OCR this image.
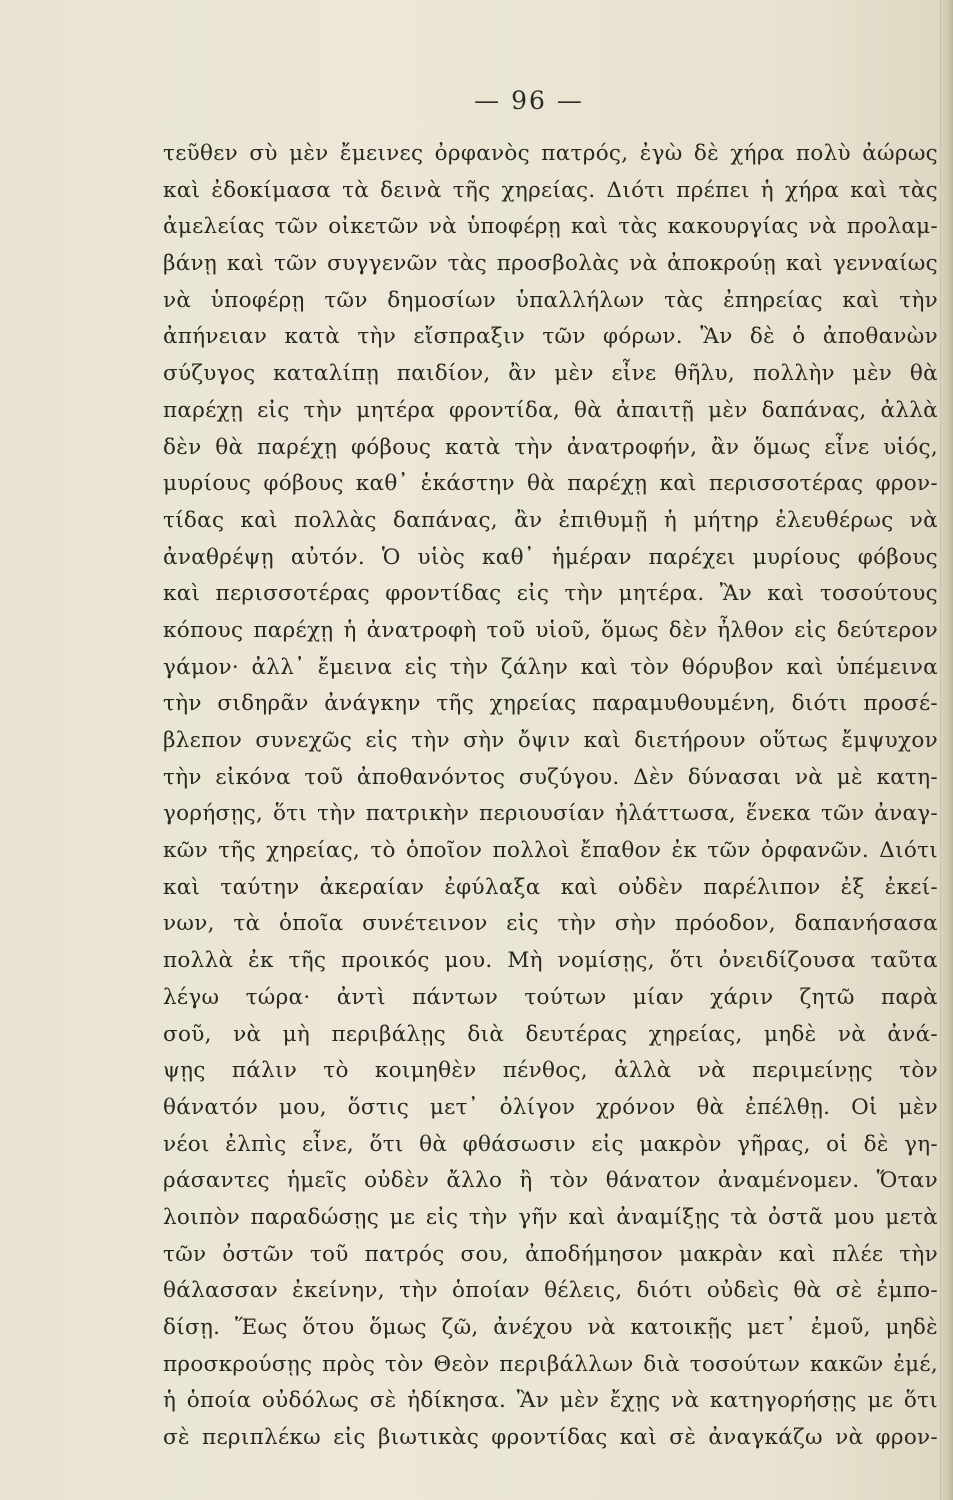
— 96 —
τεῦθεν σὺ μὲν ἔμεινες ὀρφανὸς πατρός, ἐγὼ δὲ χήρα πολὺ ἀώρως
καὶ ἐδοκίμασα τὰ δεινὰ τῆς χηρείας. Διότι πρέπει ἡ χήρα καὶ τὰς
ἀμελείας τῶν οἰκετῶν νὰ ὑποφέρῃ καὶ τὰς κακουργίας νὰ προλαμ-
βάνῃ καὶ τῶν συγγενῶν τὰς προσβολὰς νὰ ἀποκρούῃ καὶ γενναίως
νὰ ὑποφέρῃ τῶν δημοσίων ὑπαλλήλων τὰς ἐπηρείας καὶ τὴν
ἀπήνειαν κατὰ τὴν εἴσπραξιν τῶν φόρων. Ἂν δὲ ὁ ἀποθανὼν
σύζυγος καταλίπῃ παιδίον, ἂν μὲν εἶνε θῆλυ, πολλὴν μὲν θὰ
παρέχῃ εἰς τὴν μητέρα φροντίδα, θὰ ἀπαιτῇ μὲν δαπάνας, ἀλλὰ
δὲν θὰ παρέχῃ φόβους κατὰ τὴν ἀνατροφήν, ἂν ὅμως εἶνε υἱός,
μυρίους φόβους καθ᾽ ἑκάστην θὰ παρέχῃ καὶ περισσοτέρας φρον-
τίδας καὶ πολλὰς δαπάνας, ἂν ἐπιθυμῇ ἡ μήτηρ ἐλευθέρως νὰ
ἀναθρέψῃ αὐτόν. Ὁ υἱὸς καθ᾽ ἡμέραν παρέχει μυρίους φόβους
καὶ περισσοτέρας φροντίδας εἰς τὴν μητέρα. Ἂν καὶ τοσούτους
κόπους παρέχῃ ἡ ἀνατροφὴ τοῦ υἱοῦ, ὅμως δὲν ἦλθον εἰς δεύτερον
γάμον· ἀλλ᾽ ἔμεινα εἰς τὴν ζάλην καὶ τὸν θόρυβον καὶ ὑπέμεινα
τὴν σιδηρᾶν ἀνάγκην τῆς χηρείας παραμυθουμένη, διότι προσέ-
βλεπον συνεχῶς εἰς τὴν σὴν ὄψιν καὶ διετήρουν οὕτως ἔμψυχον
τὴν εἰκόνα τοῦ ἀποθανόντος συζύγου. Δὲν δύνασαι νὰ μὲ κατη-
γορήσῃς, ὅτι τὴν πατρικὴν περιουσίαν ἠλάττωσα, ἕνεκα τῶν ἀναγ-
κῶν τῆς χηρείας, τὸ ὁποῖον πολλοὶ ἔπαθον ἐκ τῶν ὀρφανῶν. Διότι
καὶ ταύτην ἀκεραίαν ἐφύλαξα καὶ οὐδὲν παρέλιπον ἐξ ἐκεί-
νων, τὰ ὁποῖα συνέτεινον εἰς τὴν σὴν πρόοδον, δαπανήσασα
πολλὰ ἐκ τῆς προικός μου. Μὴ νομίσῃς, ὅτι ὀνειδίζουσα ταῦτα
λέγω τώρα· ἀντὶ πάντων τούτων μίαν χάριν ζητῶ παρὰ
σοῦ, νὰ μὴ περιβάλῃς διὰ δευτέρας χηρείας, μηδὲ νὰ ἀνά-
ψῃς πάλιν τὸ κοιμηθὲν πένθος, ἀλλὰ νὰ περιμείνῃς τὸν
θάνατόν μου, ὅστις μετ᾽ ὀλίγον χρόνον θὰ ἐπέλθῃ. Οἱ μὲν
νέοι ἐλπὶς εἶνε, ὅτι θὰ φθάσωσιν εἰς μακρὸν γῆρας, οἱ δὲ γη-
ράσαντες ἡμεῖς οὐδὲν ἄλλο ἢ τὸν θάνατον ἀναμένομεν. Ὅταν
λοιπὸν παραδώσῃς με εἰς τὴν γῆν καὶ ἀναμίξῃς τὰ ὀστᾶ μου μετὰ
τῶν ὀστῶν τοῦ πατρός σου, ἀποδήμησον μακρὰν καὶ πλέε τὴν
θάλασσαν ἐκείνην, τὴν ὁποίαν θέλεις, διότι οὐδεὶς θὰ σὲ ἐμπο-
δίσῃ. Ἕως ὅτου ὅμως ζῶ, ἀνέχου νὰ κατοικῇς μετ᾽ ἐμοῦ, μηδὲ
προσκρούσῃς πρὸς τὸν Θεὸν περιβάλλων διὰ τοσούτων κακῶν ἐμέ,
ἡ ὁποία οὐδόλως σὲ ἠδίκησα. Ἂν μὲν ἔχῃς νὰ κατηγορήσῃς με ὅτι
σὲ περιπλέκω εἰς βιωτικὰς φροντίδας καὶ σὲ ἀναγκάζω νὰ φρον-
